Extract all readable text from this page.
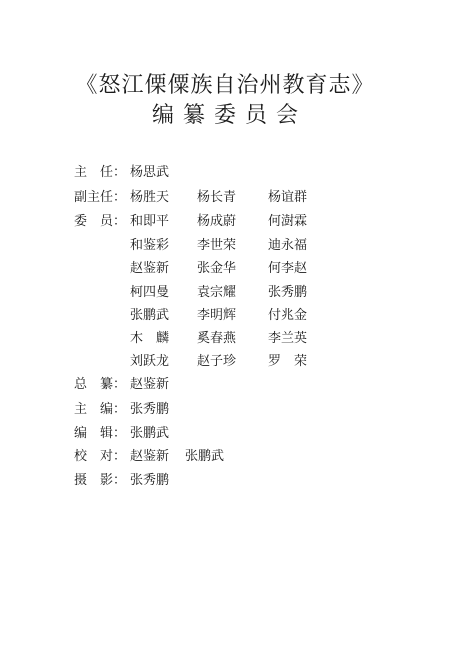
《怒江傈僳族自治州教育志》
编纂委员会
主　任： 杨思武
副主任： 杨胜天 杨长青 杨谊群
委　员： 和即平 杨成蔚 何澍霖
和鉴彩 李世荣 迪永福
赵鉴新 张金华 何李赵
柯四曼 袁宗耀 张秀鹏
张鹏武 李明辉 付兆金
木　麟 奚春燕 李兰英
刘跃龙 赵子珍 罗　荣
总　纂： 赵鉴新
主　编： 张秀鹏
编　辑： 张鹏武
校　对： 赵鉴新 张鹏武
摄　影： 张秀鹏
